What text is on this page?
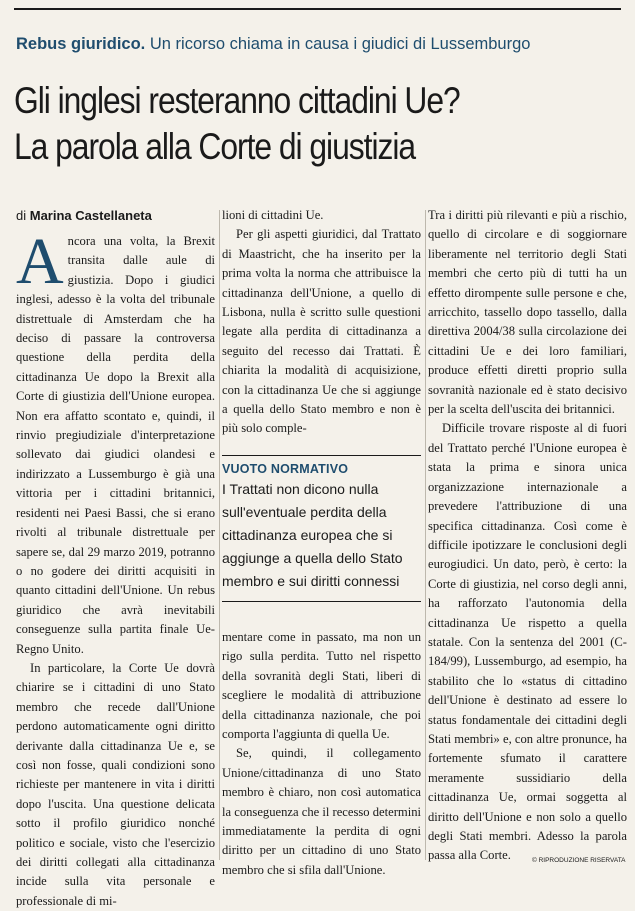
Rebus giuridico. Un ricorso chiama in causa i giudici di Lussemburgo
Gli inglesi resteranno cittadini Ue?
La parola alla Corte di giustizia
di Marina Castellaneta

Ancora una volta, la Brexit transita dalle aule di giustizia. Dopo i giudici inglesi, adesso è la volta del tribunale distrettuale di Amsterdam che ha deciso di passare la controversa questione della perdita della cittadinanza Ue dopo la Brexit alla Corte di giustizia dell'Unione europea. Non era affatto scontato e, quindi, il rinvio pregiudiziale d'interpretazione sollevato dai giudici olandesi e indirizzato a Lussemburgo è già una vittoria per i cittadini britannici, residenti nei Paesi Bassi, che si erano rivolti al tribunale distrettuale per sapere se, dal 29 marzo 2019, potranno o no godere dei diritti acquisiti in quanto cittadini dell'Unione. Un rebus giuridico che avrà inevitabili conseguenze sulla partita finale Ue-Regno Unito.

In particolare, la Corte Ue dovrà chiarire se i cittadini di uno Stato membro che recede dall'Unione perdono automaticamente ogni diritto derivante dalla cittadinanza Ue e, se così non fosse, quali condizioni sono richieste per mantenere in vita i diritti dopo l'uscita. Una questione delicata sotto il profilo giuridico nonché politico e sociale, visto che l'esercizio dei diritti collegati alla cittadinanza incide sulla vita personale e professionale di mi-

lioni di cittadini Ue.

Per gli aspetti giuridici, dal Trattato di Maastricht, che ha inserito per la prima volta la norma che attribuisce la cittadinanza dell'Unione, a quello di Lisbona, nulla è scritto sulle questioni legate alla perdita di cittadinanza a seguito del recesso dai Trattati. È chiarita la modalità di acquisizione, con la cittadinanza Ue che si aggiunge a quella dello Stato membro e non è più solo comple-

VUOTO NORMATIVO
I Trattati non dicono nulla sull'eventuale perdita della cittadinanza europea che si aggiunge a quella dello Stato membro e sui diritti connessi

mentare come in passato, ma non un rigo sulla perdita. Tutto nel rispetto della sovranità degli Stati, liberi di scegliere le modalità di attribuzione della cittadinanza nazionale, che poi comporta l'aggiunta di quella Ue.

Se, quindi, il collegamento Unione/cittadinanza di uno Stato membro è chiaro, non così automatica la conseguenza che il recesso determini immediatamente la perdita di ogni diritto per un cittadino di uno Stato membro che si sfila dall'Unione.

Tra i diritti più rilevanti e più a rischio, quello di circolare e di soggiornare liberamente nel territorio degli Stati membri che certo più di tutti ha un effetto dirompente sulle persone e che, arricchito, tassello dopo tassello, dalla direttiva 2004/38 sulla circolazione dei cittadini Ue e dei loro familiari, produce effetti diretti proprio sulla sovranità nazionale ed è stato decisivo per la scelta dell'uscita dei britannici.

Difficile trovare risposte al di fuori del Trattato perché l'Unione europea è stata la prima e sinora unica organizzazione internazionale a prevedere l'attribuzione di una specifica cittadinanza. Così come è difficile ipotizzare le conclusioni degli eurogiudici. Un dato, però, è certo: la Corte di giustizia, nel corso degli anni, ha rafforzato l'autonomia della cittadinanza Ue rispetto a quella statale. Con la sentenza del 2001 (C-184/99), Lussemburgo, ad esempio, ha stabilito che lo «status di cittadino dell'Unione è destinato ad essere lo status fondamentale dei cittadini degli Stati membri» e, con altre pronunce, ha fortemente sfumato il carattere meramente sussidiario della cittadinanza Ue, ormai soggetta al diritto dell'Unione e non solo a quello degli Stati membri. Adesso la parola passa alla Corte.	© RIPRODUZIONE RISERVATA
